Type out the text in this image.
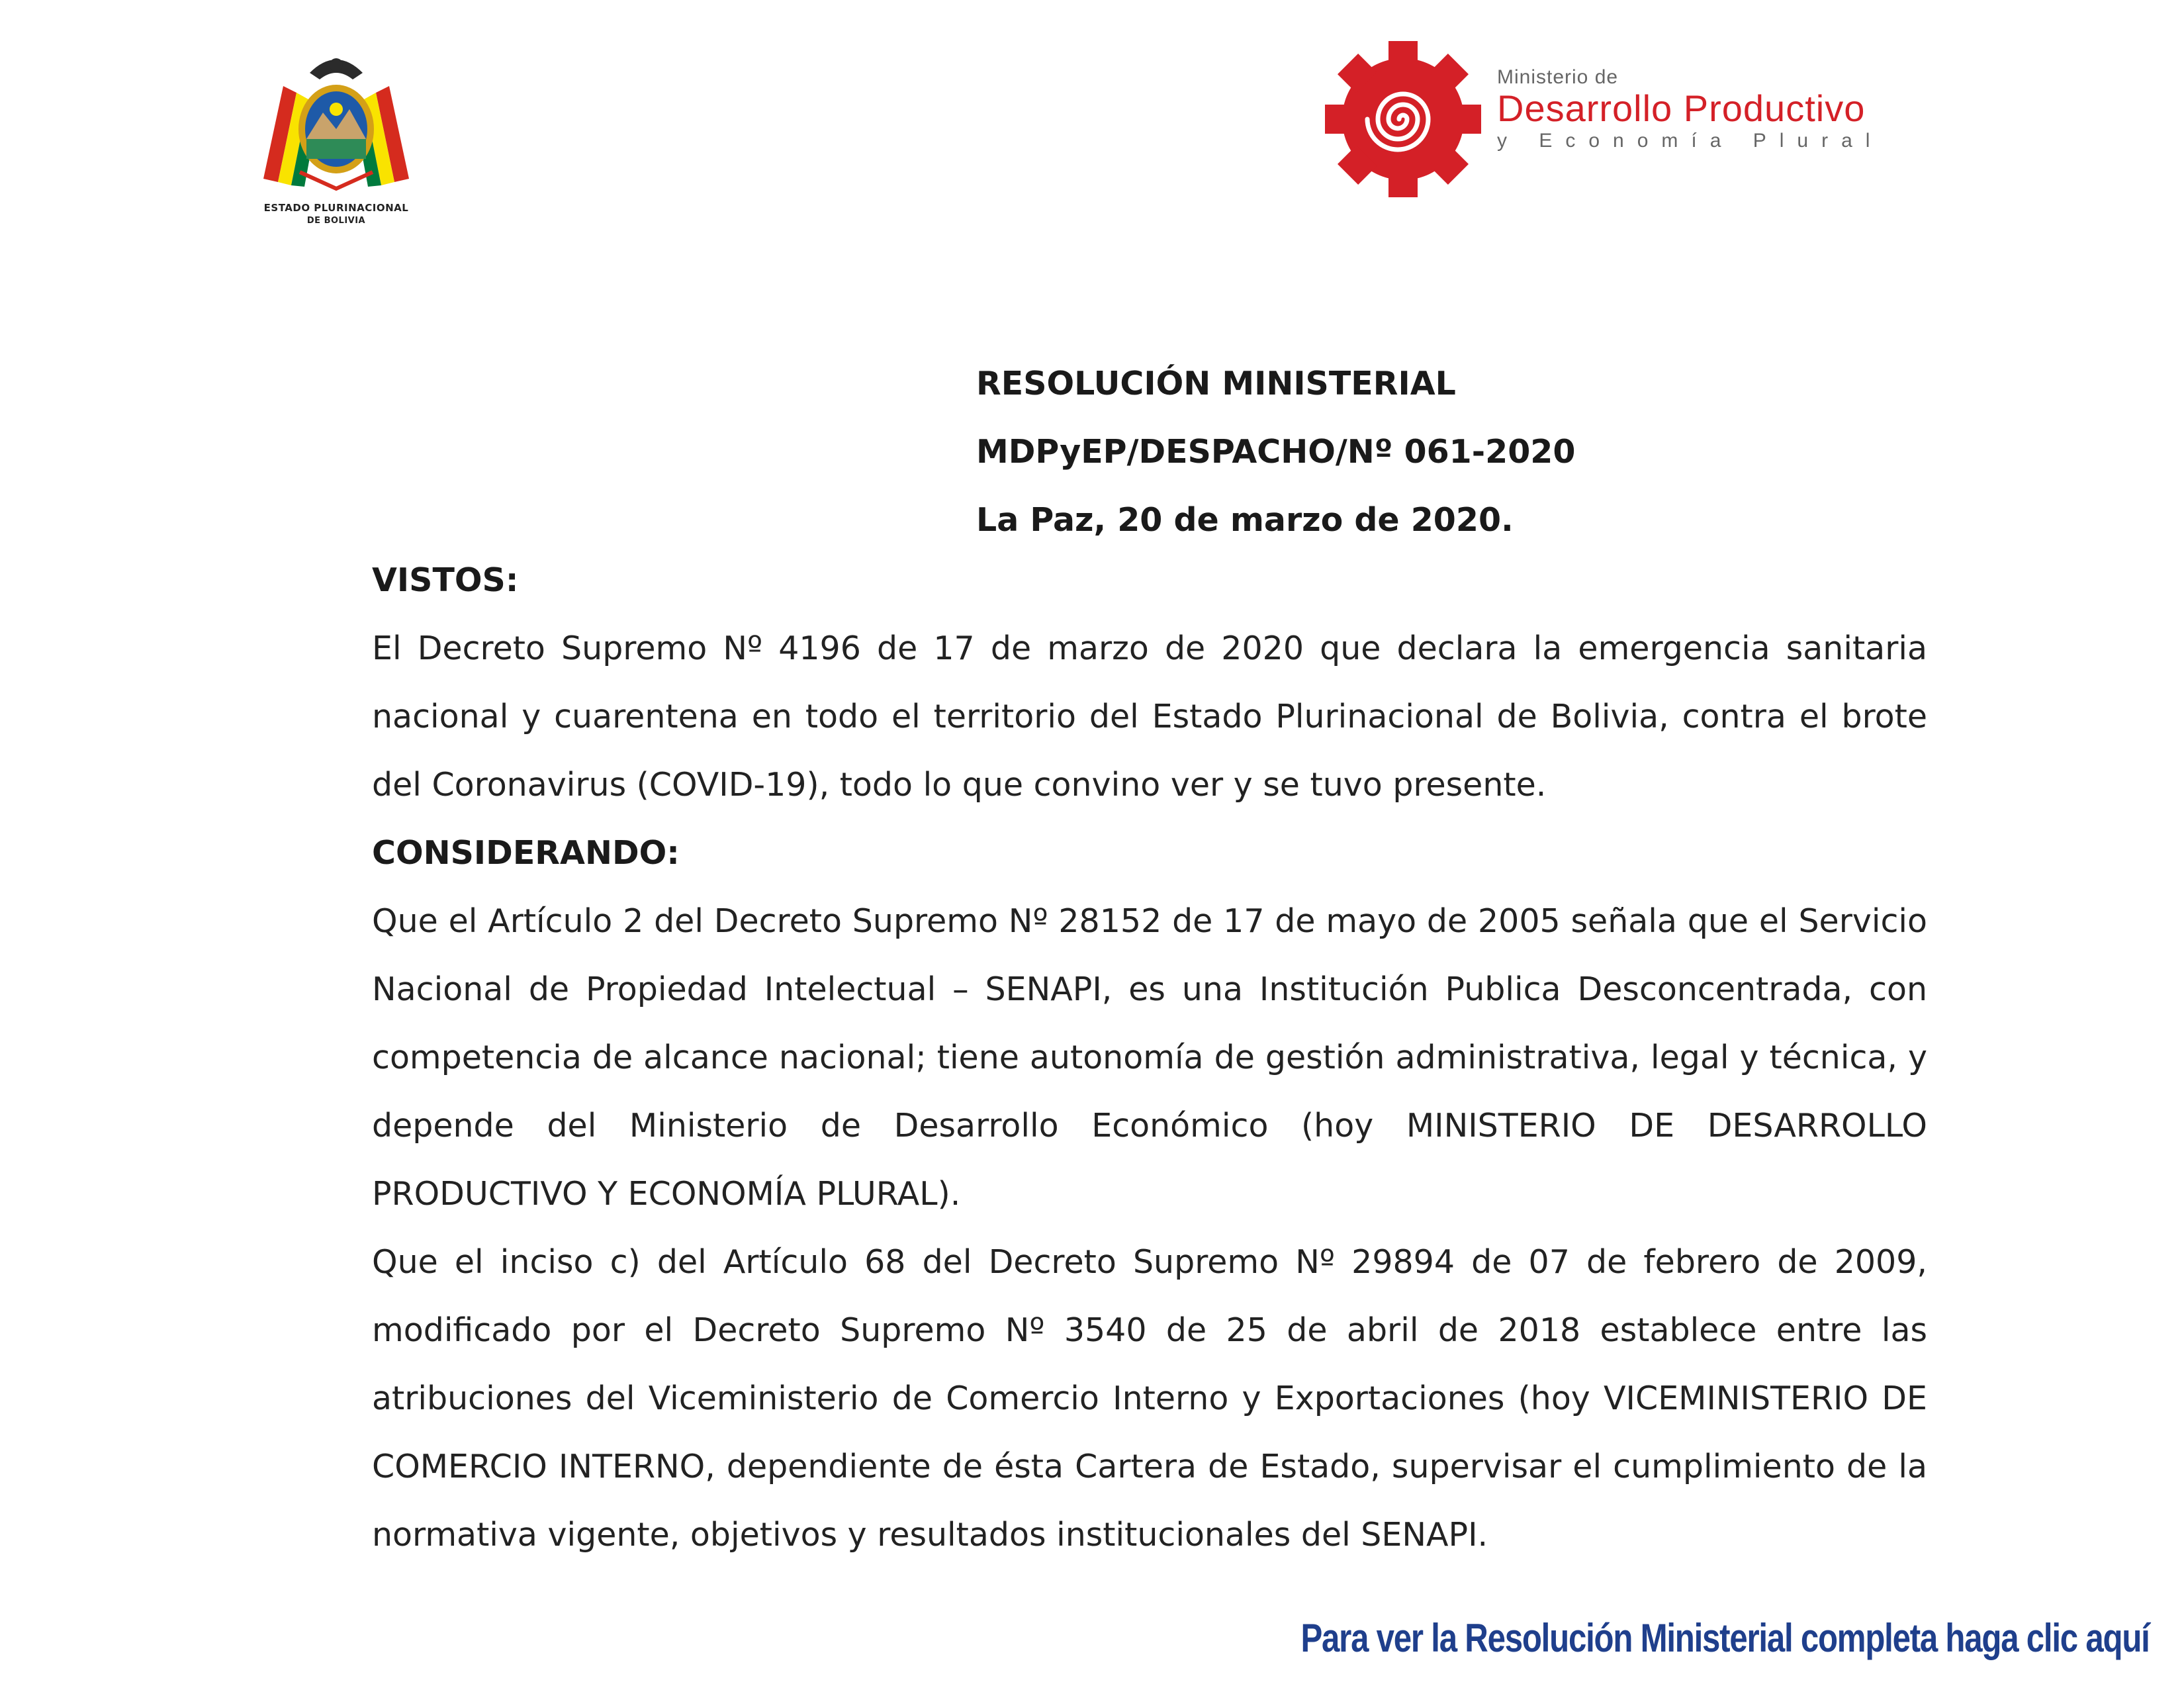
ESTADO PLURINACIONAL
DE BOLIVIA
Ministerio de
Desarrollo Productivo
y Economía Plural
RESOLUCIÓN MINISTERIAL
MDPyEP/DESPACHO/Nº 061-2020
La Paz, 20 de marzo de 2020.
VISTOS:

El Decreto Supremo Nº 4196 de 17 de marzo de 2020 que declara la emergencia sanitaria nacional y cuarentena en todo el territorio del Estado Plurinacional de Bolivia, contra el brote del Coronavirus (COVID-19), todo lo que convino ver y se tuvo presente.

CONSIDERANDO:

Que el Artículo 2 del Decreto Supremo Nº 28152 de 17 de mayo de 2005 señala que el Servicio Nacional de Propiedad Intelectual – SENAPI, es una Institución Publica Desconcentrada, con competencia de alcance nacional; tiene autonomía de gestión administrativa, legal y técnica, y depende del Ministerio de Desarrollo Económico (hoy MINISTERIO DE DESARROLLO PRODUCTIVO Y ECONOMÍA PLURAL).

Que el inciso c) del Artículo 68 del Decreto Supremo Nº 29894 de 07 de febrero de 2009, modificado por el Decreto Supremo Nº 3540 de 25 de abril de 2018 establece entre las atribuciones del Viceministerio de Comercio Interno y Exportaciones (hoy VICEMINISTERIO DE COMERCIO INTERNO, dependiente de ésta Cartera de Estado, supervisar el cumplimiento de la normativa vigente, objetivos y resultados institucionales del SENAPI.

Para ver la Resolución Ministerial completa haga clic aquí
